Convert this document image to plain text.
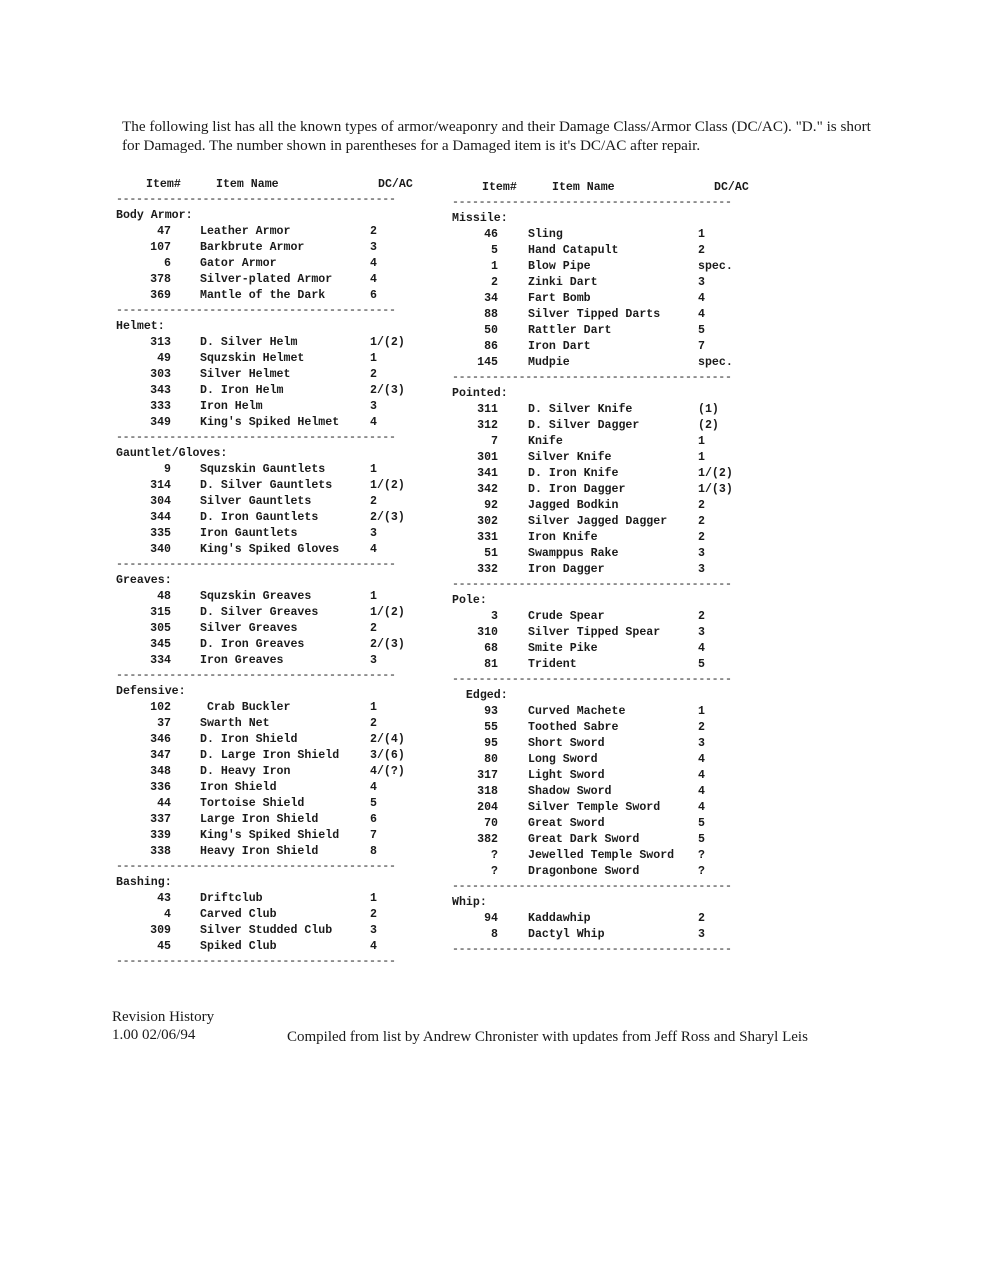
The following list has all the known types of armor/weaponry and their Damage Class/Armor Class (DC/AC). "D." is short for Damaged. The number shown in parentheses for a Damaged item is it's DC/AC after repair.
Item#	Item Name	DC/AC
-----
Body Armor:
47	Leather Armor	2
107	Barkbrute Armor	3
6	Gator Armor	4
378	Silver-plated Armor	4
369	Mantle of the Dark	6
-----
Helmet:
313	D. Silver Helm	1/(2)
49	Squzskin Helmet	1
303	Silver Helmet	2
343	D. Iron Helm	2/(3)
333	Iron Helm	3
349	King's Spiked Helmet	4
-----
Gauntlet/Gloves:
9	Squzskin Gauntlets	1
314	D. Silver Gauntlets	1/(2)
304	Silver Gauntlets	2
344	D. Iron Gauntlets	2/(3)
335	Iron Gauntlets	3
340	King's Spiked Gloves	4
-----
Greaves:
48	Squzskin Greaves	1
315	D. Silver Greaves	1/(2)
305	Silver Greaves	2
345	D. Iron Greaves	2/(3)
334	Iron Greaves	3
-----
Defensive:
102	Crab Buckler	1
37	Swarth Net	2
346	D. Iron Shield	2/(4)
347	D. Large Iron Shield	3/(6)
348	D. Heavy Iron	4/(?)
336	Iron Shield	4
44	Tortoise Shield	5
337	Large Iron Shield	6
339	King's Spiked Shield	7
338	Heavy Iron Shield	8
-----
Bashing:
43	Driftclub	1
4	Carved Club	2
309	Silver Studded Club	3
45	Spiked Club	4
-----
Item#	Item Name	DC/AC
-----
Missile:
46	Sling	1
5	Hand Catapult	2
1	Blow Pipe	spec.
2	Zinki Dart	3
34	Fart Bomb	4
88	Silver Tipped Darts	4
50	Rattler Dart	5
86	Iron Dart	7
145	Mudpie	spec.
-----
Pointed:
311	D. Silver Knife	(1)
312	D. Silver Dagger	(2)
7	Knife	1
301	Silver Knife	1
341	D. Iron Knife	1/(2)
342	D. Iron Dagger	1/(3)
92	Jagged Bodkin	2
302	Silver Jagged Dagger	2
331	Iron Knife	2
51	Swamppus Rake	3
332	Iron Dagger	3
-----
Pole:
3	Crude Spear	2
310	Silver Tipped Spear	3
68	Smite Pike	4
81	Trident	5
-----
Edged:
93	Curved Machete	1
55	Toothed Sabre	2
95	Short Sword	3
80	Long Sword	4
317	Light Sword	4
318	Shadow Sword	4
204	Silver Temple Sword	4
70	Great Sword	5
382	Great Dark Sword	5
?	Jewelled Temple Sword ?
?	Dragonbone Sword	?
-----
Whip:
94	Kaddawhip	2
8	Dactyl Whip	3
-----
Revision History
1.00 02/06/94	Compiled from list by Andrew Chronister with updates from Jeff Ross and Sharyl Leis
